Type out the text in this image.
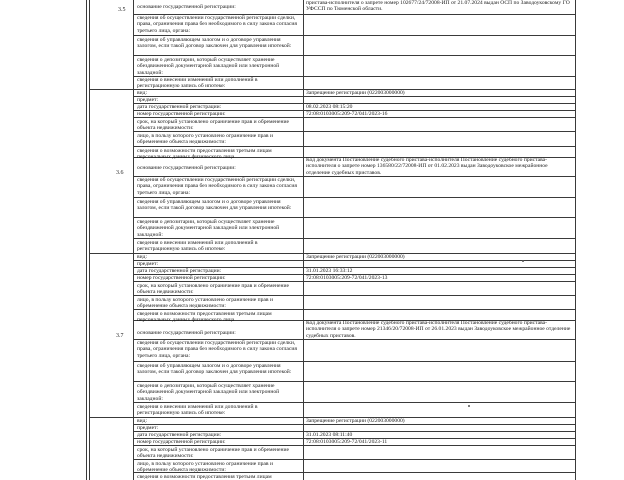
3.5 основание государственной регистрации:
пристава-исполнителя о запрете номер 102677/24/72008-ИП от 21.07.2024 выдан ОСП по Заводоуковскому ГО УФССП по Тюменской области.
сведения об осуществлении государственной регистрации сделки, права, ограничения права без необходимого в силу закона согласия третьего лица, органа:
сведения об управляющем залогом и о договоре управления залогом, если такой договор заключен для управления ипотекой:
сведения о депозитарии, который осуществляет хранение обездвиженной документарной закладной или электронной закладной:
сведения о внесении изменений или дополнений в регистрационную запись об ипотеке:
3.6
вид:	Запрещение регистрации (022003000000)
предмет:
дата государственной регистрации:	08.02.2023 08:15:20
номер государственной регистрации:	72:08:0103005:209-72/041/2023-16
срок, на который установлено ограничение прав и обременение объекта недвижимости:
лицо, в пользу которого установлено ограничение прав и обременение объекта недвижимости:
сведения о возможности предоставления третьим лицам персональных данных физического лица
основание государственной регистрации:
Код документа Постановление судебного пристава-исполнителя Постановление судебного пристава-исполнителя о запрете номер 136580/22/72008-ИП от 01.02.2023 выдан Заводоуковское межрайонное отделение судебных приставов.
сведения об осуществлении государственной регистрации сделки, права, ограничения права без необходимого в силу закона согласия третьего лица, органа:
сведения об управляющем залогом и о договоре управления залогом, если такой договор заключен для управления ипотекой:
сведения о депозитарии, который осуществляет хранение обездвиженной документарной закладной или электронной закладной:
сведения о внесении изменений или дополнений в регистрационную запись об ипотеке:
3.7
вид:	Запрещение регистрации (022003000000)
предмет:
дата государственной регистрации:	31.01.2023 16:33:12
номер государственной регистрации:	72:08:0103005:209-72/041/2023-13
срок, на который установлено ограничение прав и обременение объекта недвижимости:
лицо, в пользу которого установлено ограничение прав и обременение объекта недвижимости:
сведения о возможности предоставления третьим лицам персональных данных физического лица
основание государственной регистрации:
Код документа Постановление судебного пристава-исполнителя Постановление судебного пристава-исполнителя о запрете номер 21346/20/72008-ИП от 26.01.2023 выдан Заводоуковское межрайонное отделение судебных приставов.
сведения об осуществлении государственной регистрации сделки, права, ограничения права без необходимого в силу закона согласия третьего лица, органа:
сведения об управляющем залогом и о договоре управления залогом, если такой договор заключен для управления ипотекой:
сведения о депозитарии, который осуществляет хранение обездвиженной документарной закладной или электронной закладной:
сведения о внесении изменений или дополнений в регистрационную запись об ипотеке:
вид:	Запрещение регистрации (022003000000)
предмет:
дата государственной регистрации:	31.01.2023 08:11:40
номер государственной регистрации:	72:08:0103005:209-72/041/2023-11
срок, на который установлено ограничение прав и обременение объекта недвижимости:
лицо, в пользу которого установлено ограничение прав и обременение объекта недвижимости:
сведения о возможности предоставления третьим лицам
